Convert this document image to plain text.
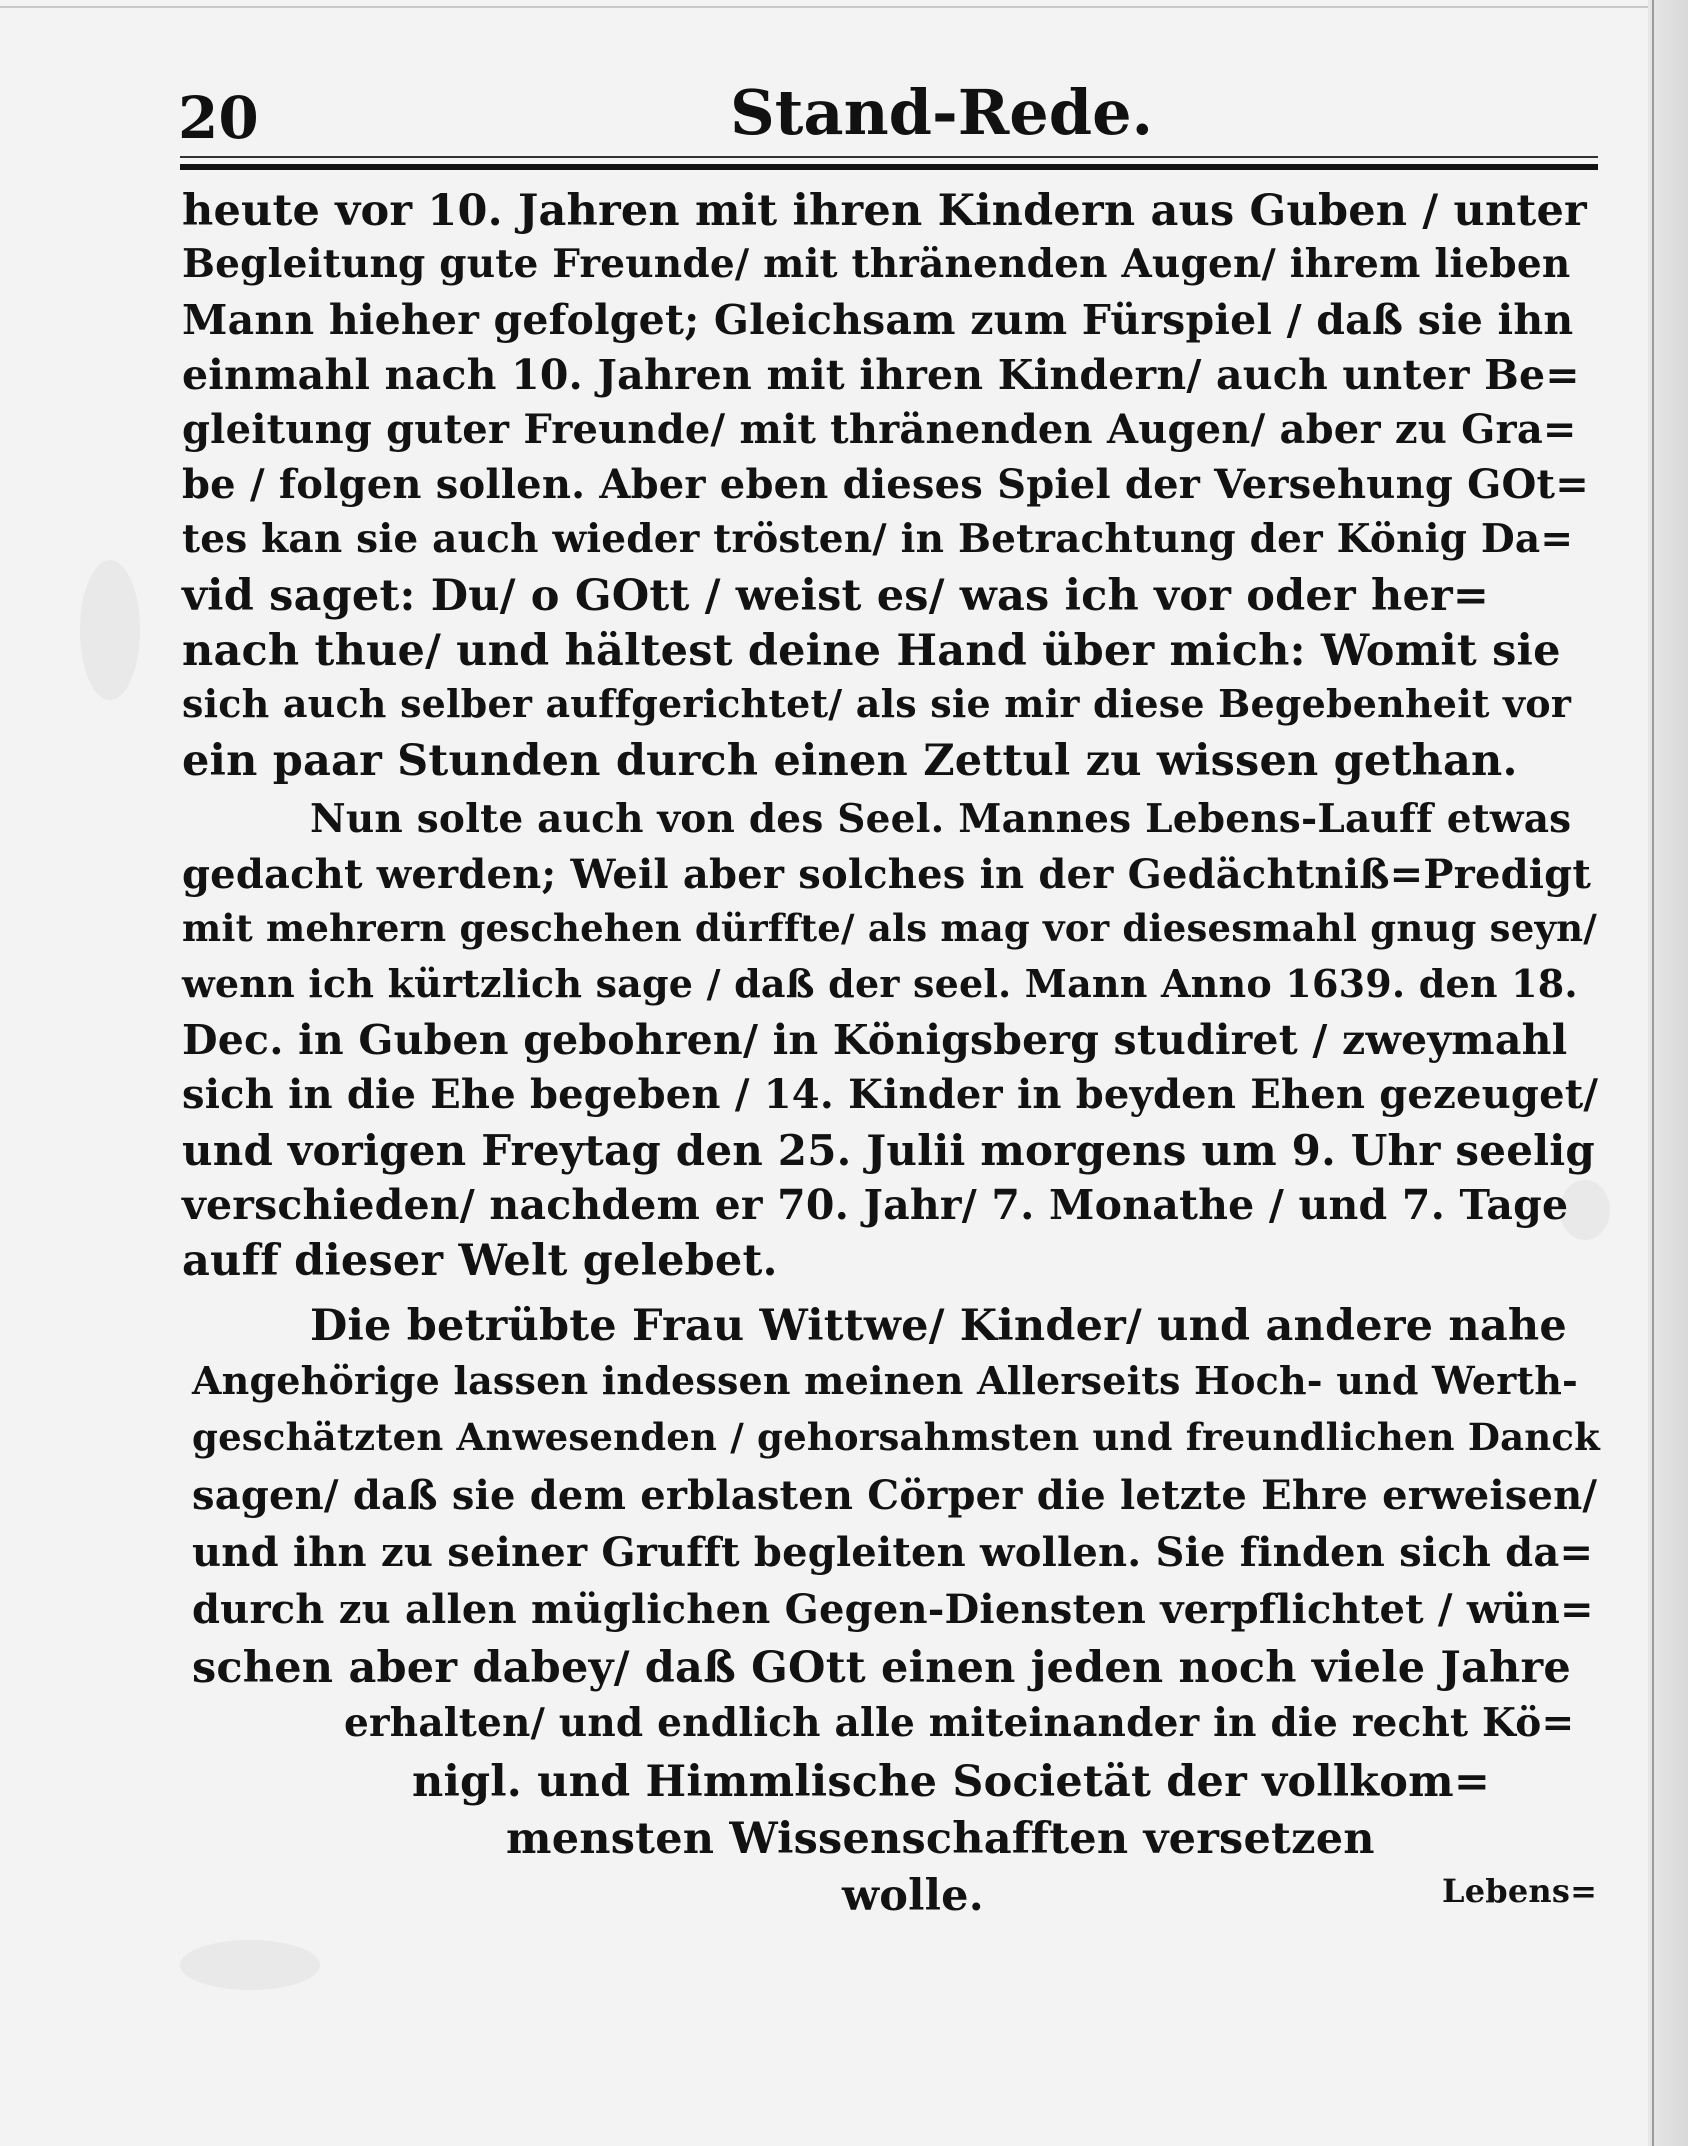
20	Stand-Rede.
heute vor 10. Jahren mit ihren Kindern aus Guben / unter
Begleitung gute Freunde/ mit thränenden Augen/ ihrem lieben
Mann hieher gefolget; Gleichsam zum Fürspiel / daß sie ihn
einmahl nach 10. Jahren mit ihren Kindern/ auch unter Be=
gleitung guter Freunde/ mit thränenden Augen/ aber zu Gra=
be / folgen sollen. Aber eben dieses Spiel der Versehung GOt=
tes kan sie auch wieder trösten/ in Betrachtung der König Da=
vid saget: Du/ o GOtt / weist es/ was ich vor oder her=
nach thue/ und hältest deine Hand über mich: Womit sie
sich auch selber auffgerichtet/ als sie mir diese Begebenheit vor
ein paar Stunden durch einen Zettul zu wissen gethan.
Nun solte auch von des Seel. Mannes Lebens-Lauff etwas
gedacht werden; Weil aber solches in der Gedächtniß=Predigt
mit mehrern geschehen dürffte/ als mag vor diesesmahl gnug seyn/
wenn ich kürtzlich sage / daß der seel. Mann Anno 1639. den 18.
Dec. in Guben gebohren/ in Königsberg studiret / zweymahl
sich in die Ehe begeben / 14. Kinder in beyden Ehen gezeuget/
und vorigen Freytag den 25. Julii morgens um 9. Uhr seelig
verschieden/ nachdem er 70. Jahr/ 7. Monathe / und 7. Tage
auff dieser Welt gelebet.
Die betrübte Frau Wittwe/ Kinder/ und andere nahe
Angehörige lassen indessen meinen Allerseits Hoch- und Werth-
geschätzten Anwesenden / gehorsahmsten und freundlichen Danck
sagen/ daß sie dem erblasten Cörper die letzte Ehre erweisen/
und ihn zu seiner Grufft begleiten wollen. Sie finden sich da=
durch zu allen müglichen Gegen-Diensten verpflichtet / wün=
schen aber dabey/ daß GOtt einen jeden noch viele Jahre
erhalten/ und endlich alle miteinander in die recht Kö=
nigl. und Himmlische Societät der vollkom=
mensten Wissenschafften versetzen
wolle.	Lebens=
